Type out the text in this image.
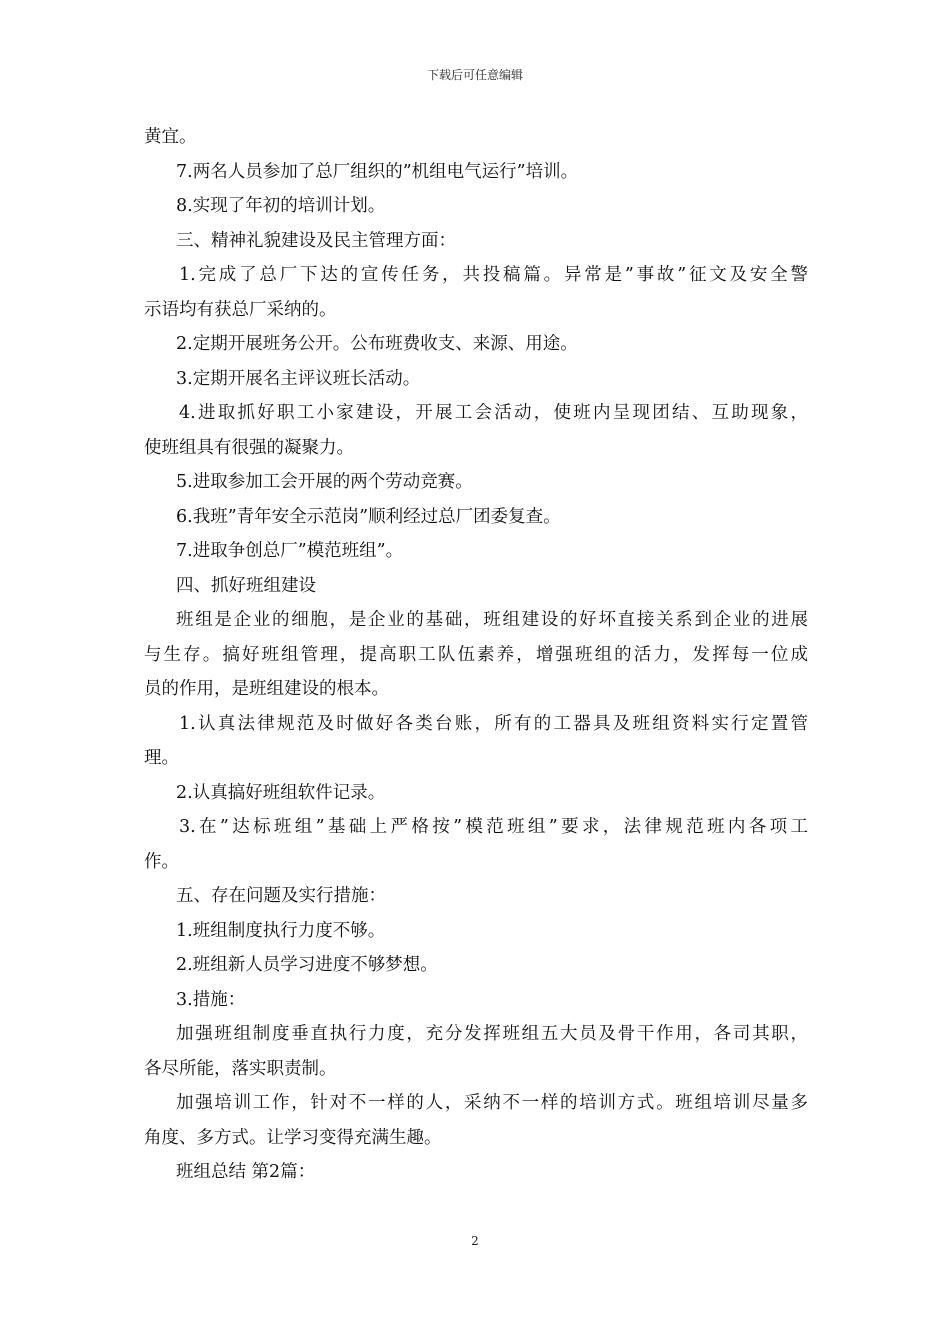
下载后可任意编辑
黄宜。
7.两名人员参加了总厂组织的”机组电气运行”培训。
8.实现了年初的培训计划。
三、精神礼貌建设及民主管理方面：
1.完成了总厂下达的宣传任务，共投稿篇。异常是”事故”征文及安全警
示语均有获总厂采纳的。
2.定期开展班务公开。公布班费收支、来源、用途。
3.定期开展名主评议班长活动。
4.进取抓好职工小家建设，开展工会活动，使班内呈现团结、互助现象，
使班组具有很强的凝聚力。
5.进取参加工会开展的两个劳动竞赛。
6.我班”青年安全示范岗”顺利经过总厂团委复查。
7.进取争创总厂”模范班组”。
四、抓好班组建设
班组是企业的细胞，是企业的基础，班组建设的好坏直接关系到企业的进展
与生存。搞好班组管理，提高职工队伍素养，增强班组的活力，发挥每一位成
员的作用，是班组建设的根本。
1.认真法律规范及时做好各类台账，所有的工器具及班组资料实行定置管
理。
2.认真搞好班组软件记录。
3.在”达标班组”基础上严格按”模范班组”要求，法律规范班内各项工
作。
五、存在问题及实行措施：
1.班组制度执行力度不够。
2.班组新人员学习进度不够梦想。
3.措施：
加强班组制度垂直执行力度，充分发挥班组五大员及骨干作用，各司其职，
各尽所能，落实职责制。
加强培训工作，针对不一样的人，采纳不一样的培训方式。班组培训尽量多
角度、多方式。让学习变得充满生趣。
班组总结 第2篇：
2
